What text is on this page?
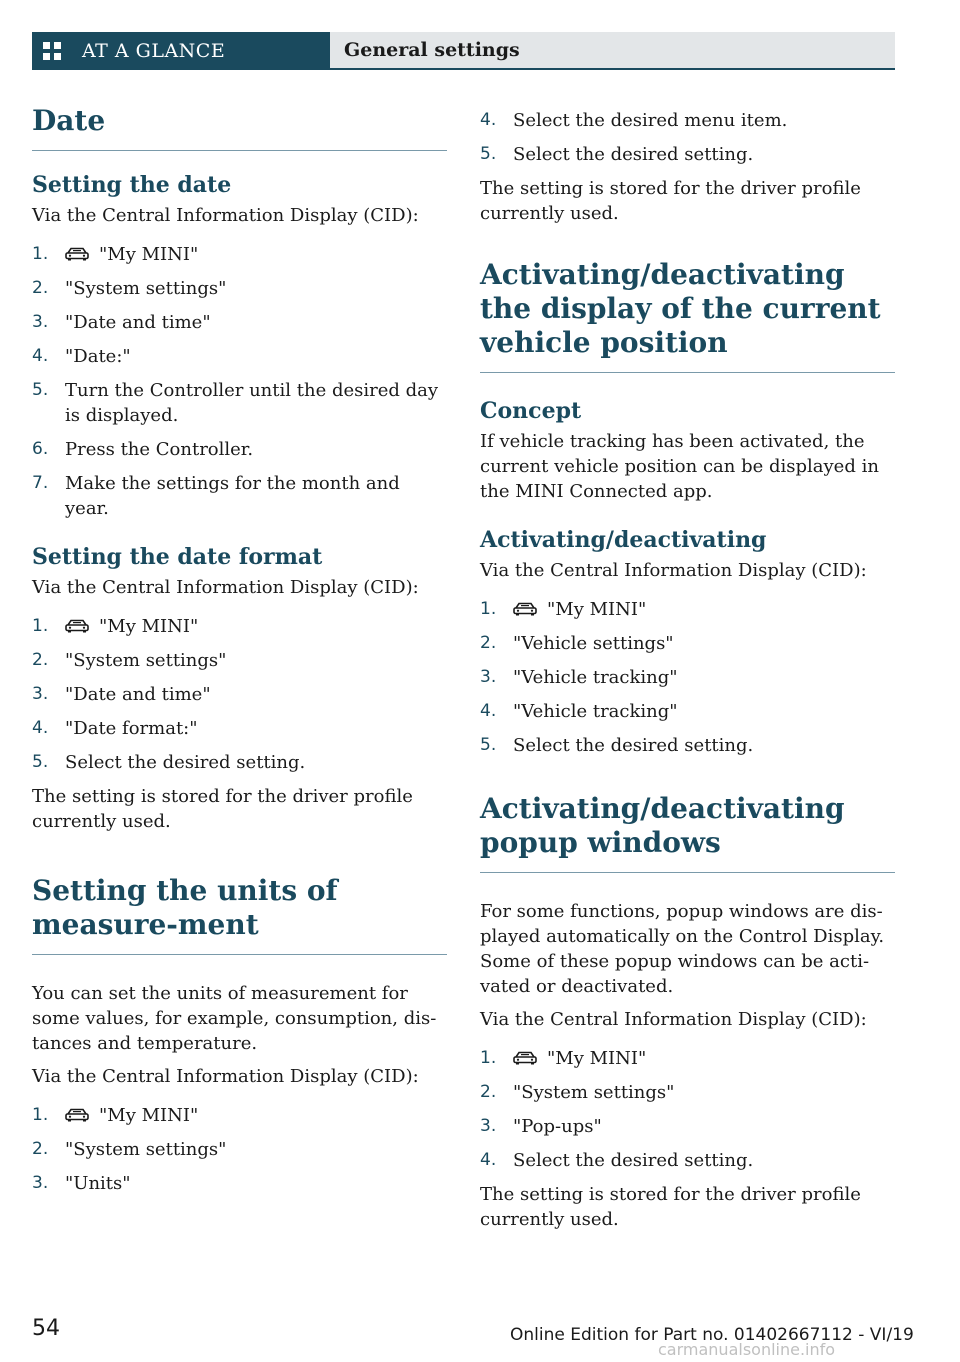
AT A GLANCE	General settings
Date
Setting the date

Via the Central Information Display (CID):

1.	"My MINI"
2. "System settings"
3. "Date and time"
4. "Date:"
5. Turn the Controller until the desired day is displayed.
6. Press the Controller.
7. Make the settings for the month and year.
Setting the date format

Via the Central Information Display (CID):

1.	"My MINI"
2. "System settings"
3. "Date and time"
4. "Date format:"
5. Select the desired setting.

The setting is stored for the driver profile currently used.

Setting the units of measure‐ment

You can set the units of measurement for some values, for example, consumption, dis‐tances and temperature.

Via the Central Information Display (CID):

1.	"My MINI"
2. "System settings"
3. "Units"
4. Select the desired menu item.
5. Select the desired setting.

The setting is stored for the driver profile currently used.

Activating/deactivating the display of the current vehicle position
Concept

If vehicle tracking has been activated, the current vehicle position can be displayed in the MINI Connected app.

Activating/deactivating

Via the Central Information Display (CID):

1.	"My MINI"
2. "Vehicle settings"
3. "Vehicle tracking"
4. "Vehicle tracking"
5. Select the desired setting.
Activating/deactivating popup windows

For some functions, popup windows are dis‐played automatically on the Control Display. Some of these popup windows can be acti‐vated or deactivated.

Via the Central Information Display (CID):

1.	"My MINI"
2. "System settings"
3. "Pop-ups"
4. Select the desired setting.

The setting is stored for the driver profile currently used.

54	Online Edition for Part no. 01402667112 - VI/19
carmanualsonline.info
